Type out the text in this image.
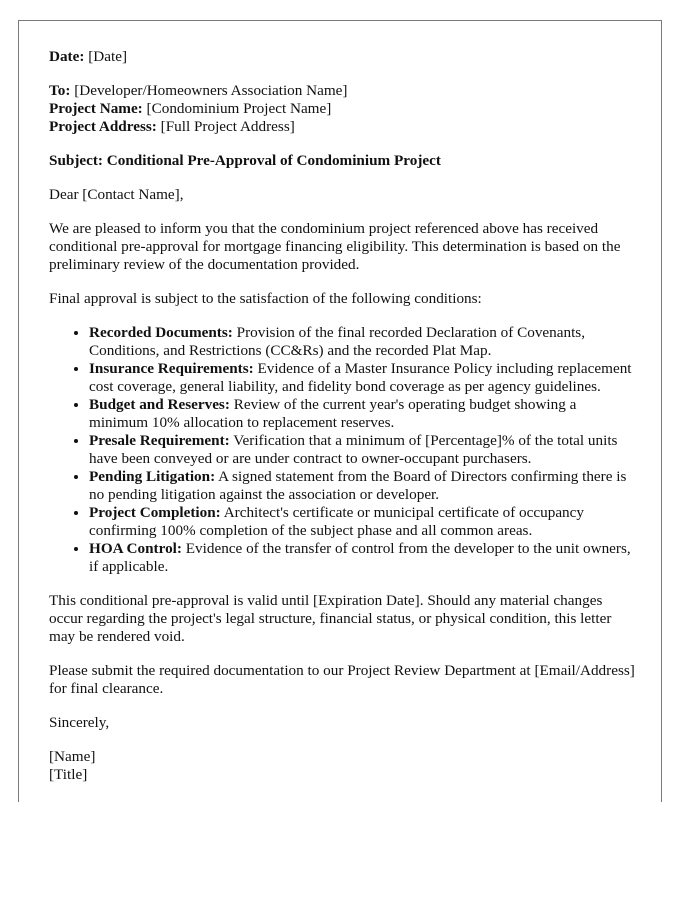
Date: [Date]

To: [Developer/Homeowners Association Name]

Project Name: [Condominium Project Name]

Project Address: [Full Project Address]

Subject: Conditional Pre-Approval of Condominium Project

Dear [Contact Name],

We are pleased to inform you that the condominium project referenced above has received conditional pre-approval for mortgage financing eligibility. This determination is based on the preliminary review of the documentation provided.

Final approval is subject to the satisfaction of the following conditions:

• Recorded Documents: Provision of the final recorded Declaration of Covenants, Conditions, and Restrictions (CC&Rs) and the recorded Plat Map.
• Insurance Requirements: Evidence of a Master Insurance Policy including replacement cost coverage, general liability, and fidelity bond coverage as per agency guidelines.
• Budget and Reserves: Review of the current year's operating budget showing a minimum 10% allocation to replacement reserves.
• Presale Requirement: Verification that a minimum of [Percentage]% of the total units have been conveyed or are under contract to owner-occupant purchasers.
• Pending Litigation: A signed statement from the Board of Directors confirming there is no pending litigation against the association or developer.
• Project Completion: Architect's certificate or municipal certificate of occupancy confirming 100% completion of the subject phase and all common areas.
• HOA Control: Evidence of the transfer of control from the developer to the unit owners, if applicable.

This conditional pre-approval is valid until [Expiration Date]. Should any material changes occur regarding the project's legal structure, financial status, or physical condition, this letter may be rendered void.

Please submit the required documentation to our Project Review Department at [Email/Address] for final clearance.

Sincerely,

[Name]

[Title]
